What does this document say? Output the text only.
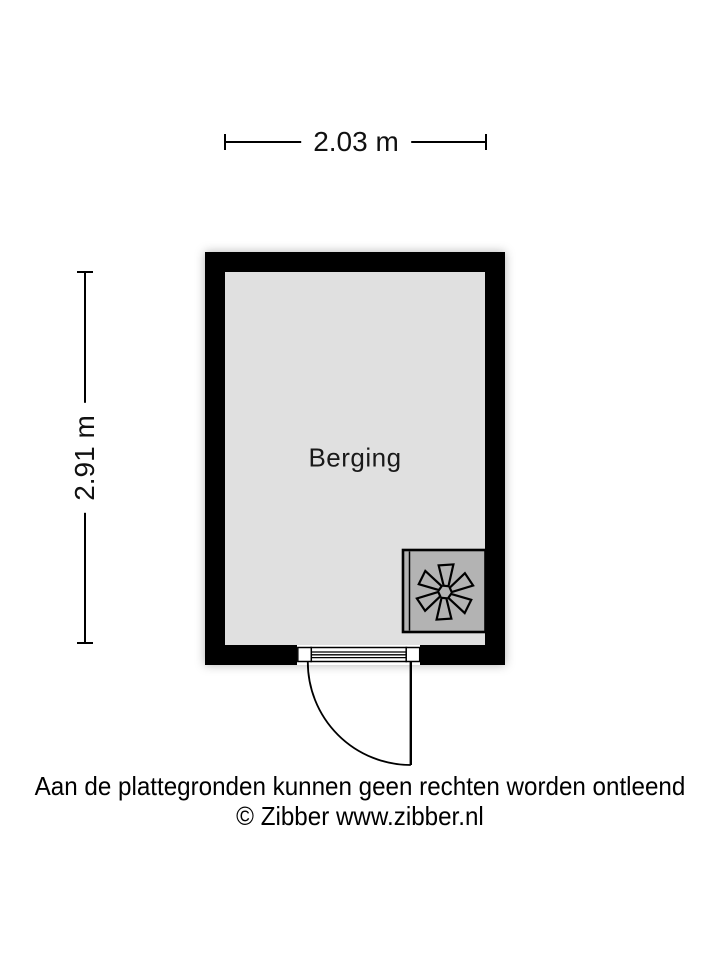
2.03 m
2.91 m	Berging
Aan de plattegronden kunnen geen rechten worden ontleend
© Zibber www.zibber.nl
